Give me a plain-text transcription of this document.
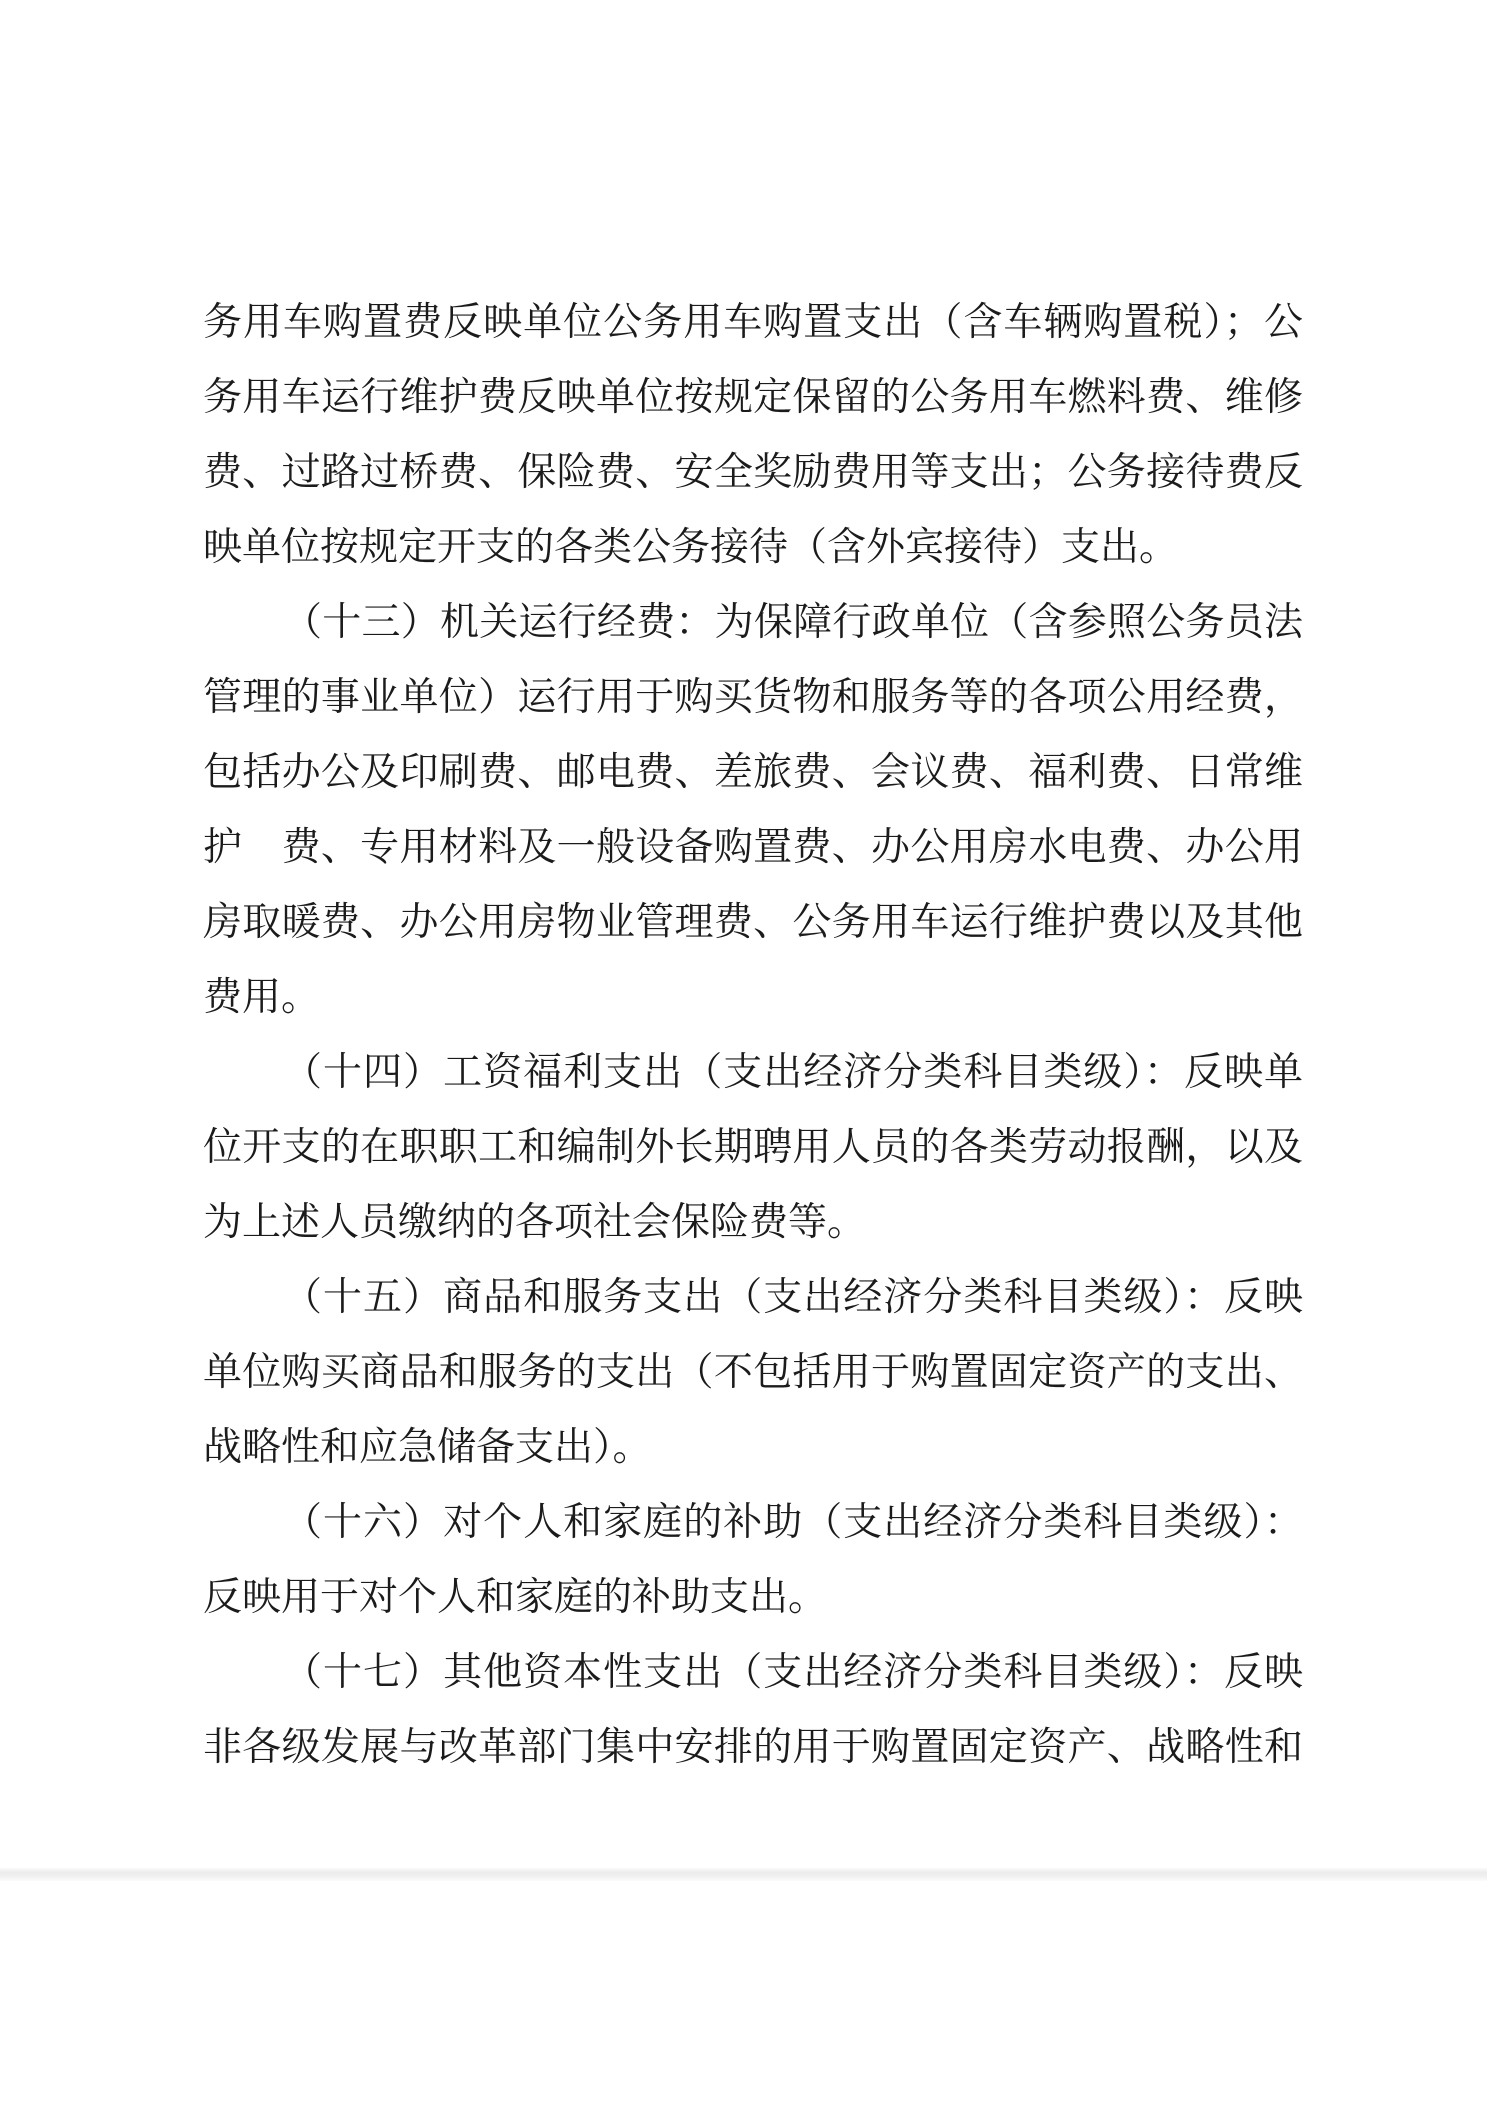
务用车购置费反映单位公务用车购置支出（含车辆购置税）；公
务用车运行维护费反映单位按规定保留的公务用车燃料费、维修
费、过路过桥费、保险费、安全奖励费用等支出；公务接待费反
映单位按规定开支的各类公务接待（含外宾接待）支出。
（十三）机关运行经费：为保障行政单位（含参照公务员法
管理的事业单位）运行用于购买货物和服务等的各项公用经费，
包括办公及印刷费、邮电费、差旅费、会议费、福利费、日常维
护　费、专用材料及一般设备购置费、办公用房水电费、办公用
房取暖费、办公用房物业管理费、公务用车运行维护费以及其他
费用。
（十四）工资福利支出（支出经济分类科目类级）：反映单
位开支的在职职工和编制外长期聘用人员的各类劳动报酬，以及
为上述人员缴纳的各项社会保险费等。
（十五）商品和服务支出（支出经济分类科目类级）：反映
单位购买商品和服务的支出（不包括用于购置固定资产的支出、
战略性和应急储备支出）。
（十六）对个人和家庭的补助（支出经济分类科目类级）：
反映用于对个人和家庭的补助支出。
（十七）其他资本性支出（支出经济分类科目类级）：反映
非各级发展与改革部门集中安排的用于购置固定资产、战略性和
